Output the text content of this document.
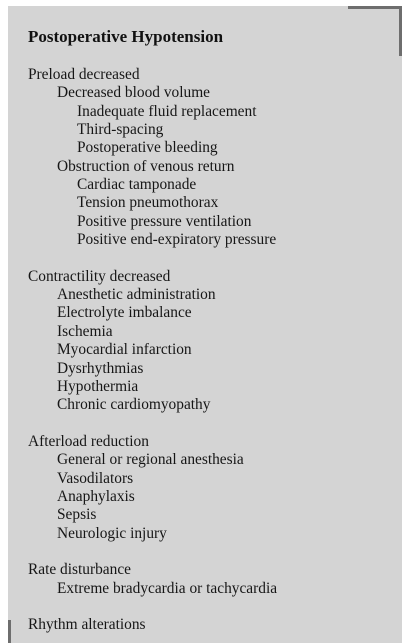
Postoperative Hypotension
Preload decreased
Decreased blood volume
Inadequate fluid replacement
Third-spacing
Postoperative bleeding
Obstruction of venous return
Cardiac tamponade
Tension pneumothorax
Positive pressure ventilation
Positive end-expiratory pressure
Contractility decreased
Anesthetic administration
Electrolyte imbalance
Ischemia
Myocardial infarction
Dysrhythmias
Hypothermia
Chronic cardiomyopathy
Afterload reduction
General or regional anesthesia
Vasodilators
Anaphylaxis
Sepsis
Neurologic injury
Rate disturbance
Extreme bradycardia or tachycardia
Rhythm alterations
